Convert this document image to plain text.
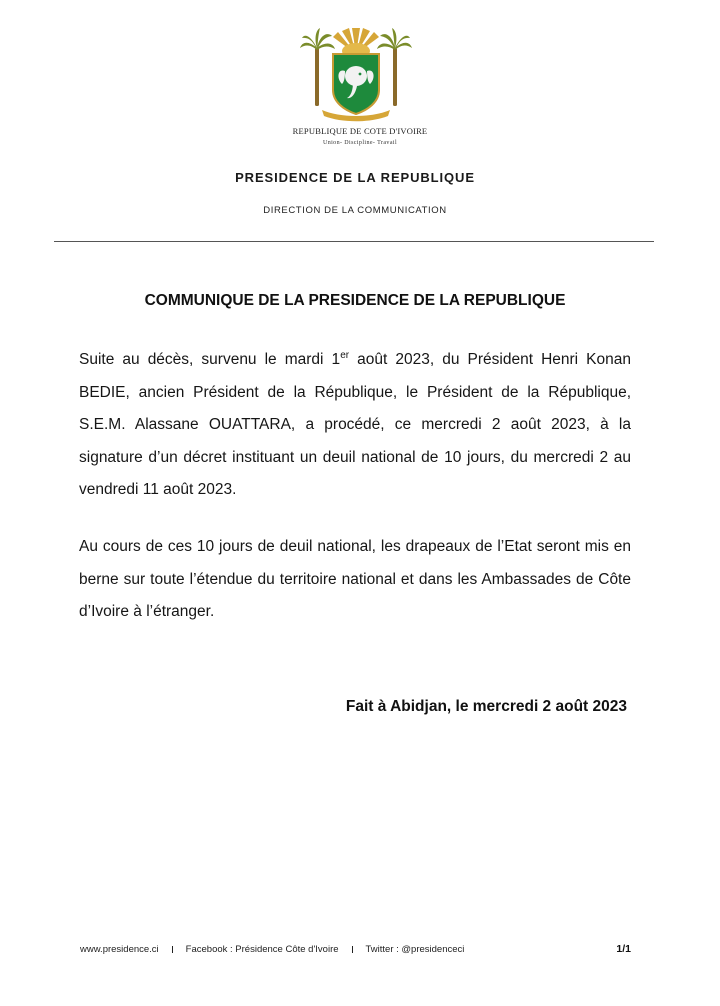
REPUBLIQUE DE COTE D'IVOIRE
Union- Discipline- Travail
PRESIDENCE DE LA REPUBLIQUE
DIRECTION DE LA COMMUNICATION
COMMUNIQUE DE LA PRESIDENCE DE LA REPUBLIQUE

Suite au décès, survenu le mardi 1er août 2023, du Président Henri Konan BEDIE, ancien Président de la République, le Président de la République, S.E.M. Alassane OUATTARA, a procédé, ce mercredi 2 août 2023, à la signature d’un décret instituant un deuil national de 10 jours, du mercredi 2 au vendredi 11 août 2023.

Au cours de ces 10 jours de deuil national, les drapeaux de l’Etat seront mis en berne sur toute l’étendue du territoire national et dans les Ambassades de Côte d’Ivoire à l’étranger.

Fait à Abidjan, le mercredi 2 août 2023
www.presidence.ci	Facebook : Présidence Côte d'Ivoire	Twitter : @presidenceci	1/1
